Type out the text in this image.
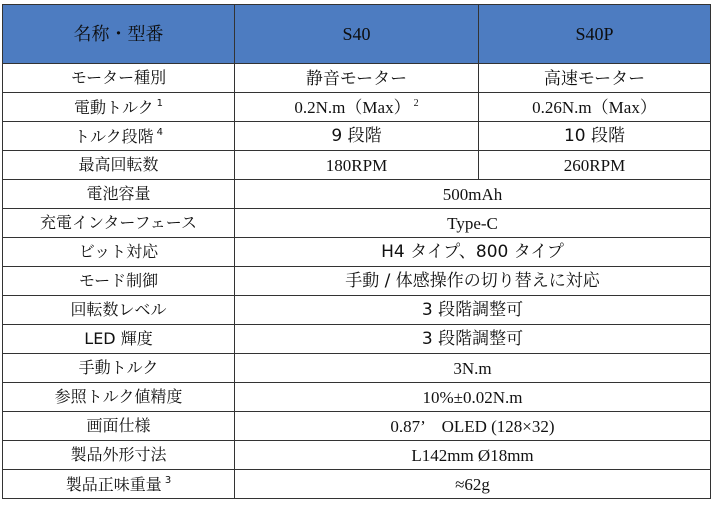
名称・型番	S40	S40P
モーター種別	静音モーター	高速モーター
電動トルク $^1$	0.2N.m（Max） $^2$	0.26N.m（Max）
トルク段階 $^4$	9 段階	10 段階
最高回転数	180RPM	260RPM
電池容量	500mAh	
充電インターフェース	Type-C	
ビット対応	H4 タイプ、800 タイプ	
モード制御	手動 / 体感操作の切り替えに対応	
回転数レベル	3 段階調整可	
LED 輝度	3 段階調整可	
手動トルク	3N.m	
参照トルク値精度	10%±0.02N.m	
画面仕様	0.87’　OLED (128×32)	
製品外形寸法	L142mm Ø18mm	
製品正味重量 $^3$	≈62g	
